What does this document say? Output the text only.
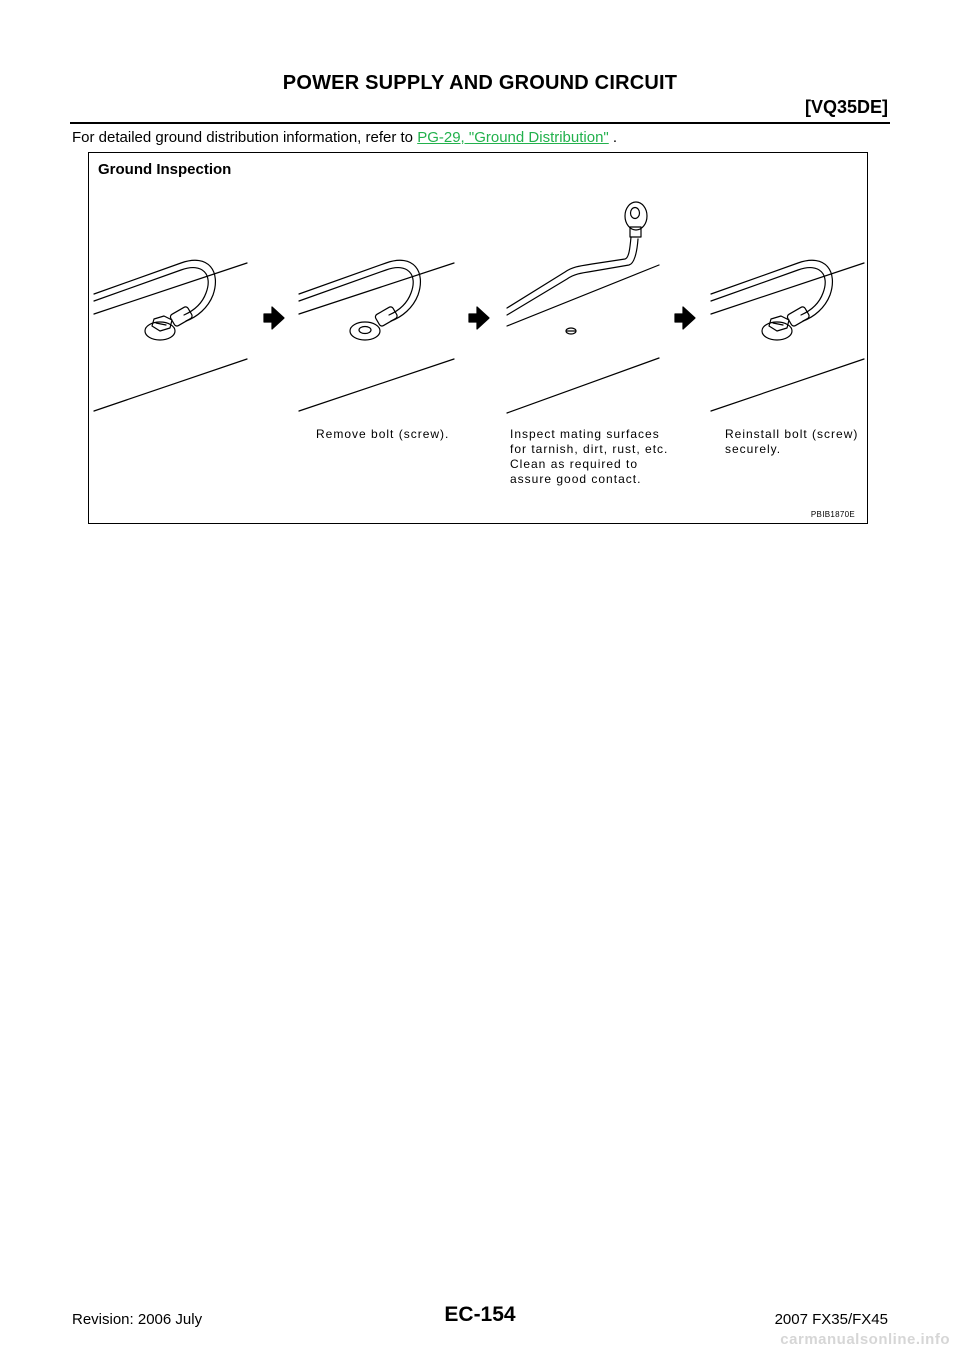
POWER SUPPLY AND GROUND CIRCUIT
[VQ35DE]
For detailed ground distribution information, refer to PG-29, "Ground Distribution" .
Ground Inspection
Remove bolt (screw).	Inspect mating surfaces
for tarnish, dirt, rust, etc.
Clean as required to
assure good contact.
Reinstall bolt (screw)
securely.
PBIB1870E
Revision: 2006 July	EC-154	2007 FX35/FX45
carmanualsonline.info
